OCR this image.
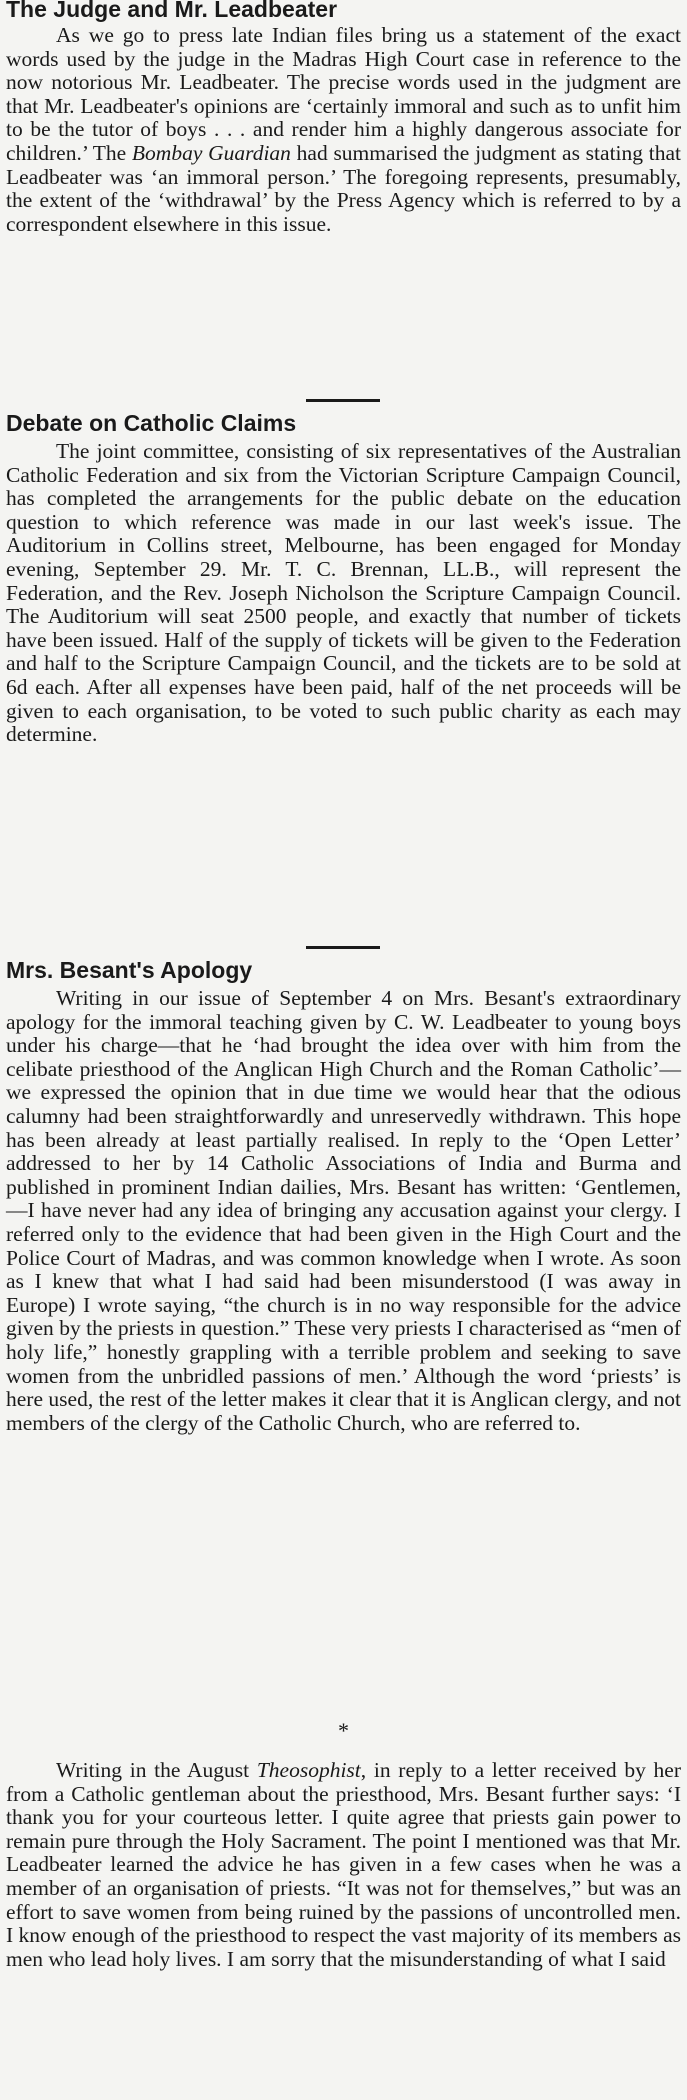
The Judge and Mr. Leadbeater

As we go to press late Indian files bring us a statement of the exact words used by the judge in the Madras High Court case in reference to the now notorious Mr. Leadbeater. The precise words used in the judgment are that Mr. Leadbeater's opinions are ‘certainly immoral and such as to unfit him to be the tutor of boys . . . and render him a highly dangerous associate for children.’ The Bombay Guardian had summarised the judgment as stating that Leadbeater was ‘an immoral person.’ The foregoing represents, presumably, the extent of the ‘withdrawal’ by the Press Agency which is referred to by a correspondent elsewhere in this issue.

Debate on Catholic Claims

The joint committee, consisting of six representatives of the Australian Catholic Federation and six from the Victorian Scripture Campaign Council, has completed the arrangements for the public debate on the education question to which reference was made in our last week's issue. The Auditorium in Collins street, Melbourne, has been engaged for Monday evening, September 29. Mr. T. C. Brennan, LL.B., will represent the Federation, and the Rev. Joseph Nicholson the Scripture Campaign Council. The Auditorium will seat 2500 people, and exactly that number of tickets have been issued. Half of the supply of tickets will be given to the Federation and half to the Scripture Campaign Council, and the tickets are to be sold at 6d each. After all expenses have been paid, half of the net proceeds will be given to each organisation, to be voted to such public charity as each may determine.

Mrs. Besant's Apology

Writing in our issue of September 4 on Mrs. Besant's extraordinary apology for the immoral teaching given by C. W. Leadbeater to young boys under his charge—that he ‘had brought the idea over with him from the celibate priesthood of the Anglican High Church and the Roman Catholic’—we expressed the opinion that in due time we would hear that the odious calumny had been straightforwardly and unreservedly withdrawn. This hope has been already at least partially realised. In reply to the ‘Open Letter’ addressed to her by 14 Catholic Associations of India and Burma and published in prominent Indian dailies, Mrs. Besant has written: ‘Gentlemen,—I have never had any idea of bringing any accusation against your clergy. I referred only to the evidence that had been given in the High Court and the Police Court of Madras, and was common knowledge when I wrote. As soon as I knew that what I had said had been misunderstood (I was away in Europe) I wrote saying, “the church is in no way responsible for the advice given by the priests in question.” These very priests I characterised as “men of holy life,” honestly grappling with a terrible problem and seeking to save women from the unbridled passions of men.’ Although the word ‘priests’ is here used, the rest of the letter makes it clear that it is Anglican clergy, and not members of the clergy of the Catholic Church, who are referred to.

*

Writing in the August Theosophist, in reply to a letter received by her from a Catholic gentleman about the priesthood, Mrs. Besant further says: ‘I thank you for your courteous letter. I quite agree that priests gain power to remain pure through the Holy Sacrament. The point I mentioned was that Mr. Leadbeater learned the advice he has given in a few cases when he was a member of an organisation of priests. “It was not for themselves,” but was an effort to save women from being ruined by the passions of uncontrolled men. I know enough of the priesthood to respect the vast majority of its members as men who lead holy lives. I am sorry that the misunderstanding of what I said
